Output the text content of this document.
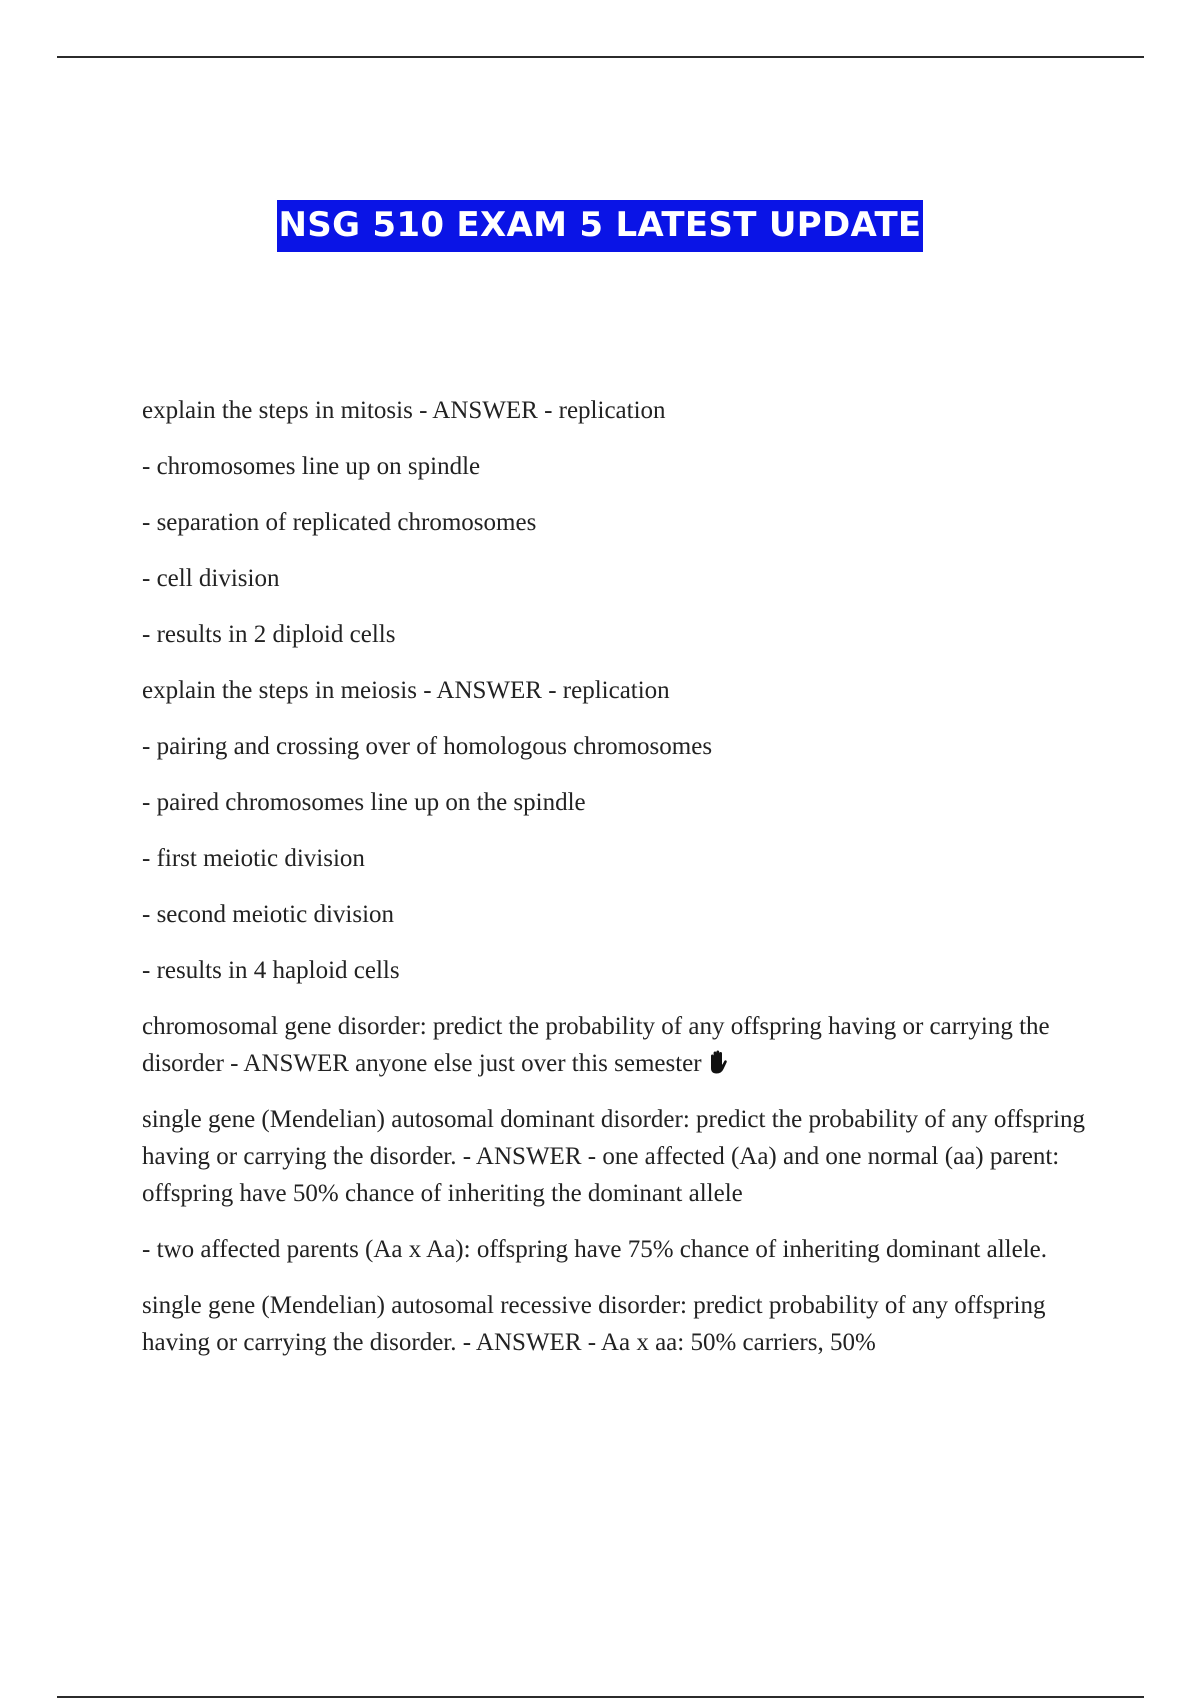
NSG 510 EXAM 5 LATEST UPDATE

explain the steps in mitosis - ANSWER - replication

- chromosomes line up on spindle

- separation of replicated chromosomes

- cell division

- results in 2 diploid cells

explain the steps in meiosis - ANSWER - replication

- pairing and crossing over of homologous chromosomes

- paired chromosomes line up on the spindle

- first meiotic division

- second meiotic division

- results in 4 haploid cells

chromosomal gene disorder: predict the probability of any offspring having or carrying the disorder - ANSWER anyone else just over this semester

single gene (Mendelian) autosomal dominant disorder: predict the probability of any offspring having or carrying the disorder. - ANSWER - one affected (Aa) and one normal (aa) parent: offspring have 50% chance of inheriting the dominant allele

- two affected parents (Aa x Aa): offspring have 75% chance of inheriting dominant allele.

single gene (Mendelian) autosomal recessive disorder: predict probability of any offspring having or carrying the disorder. - ANSWER - Aa x aa: 50% carriers, 50%
